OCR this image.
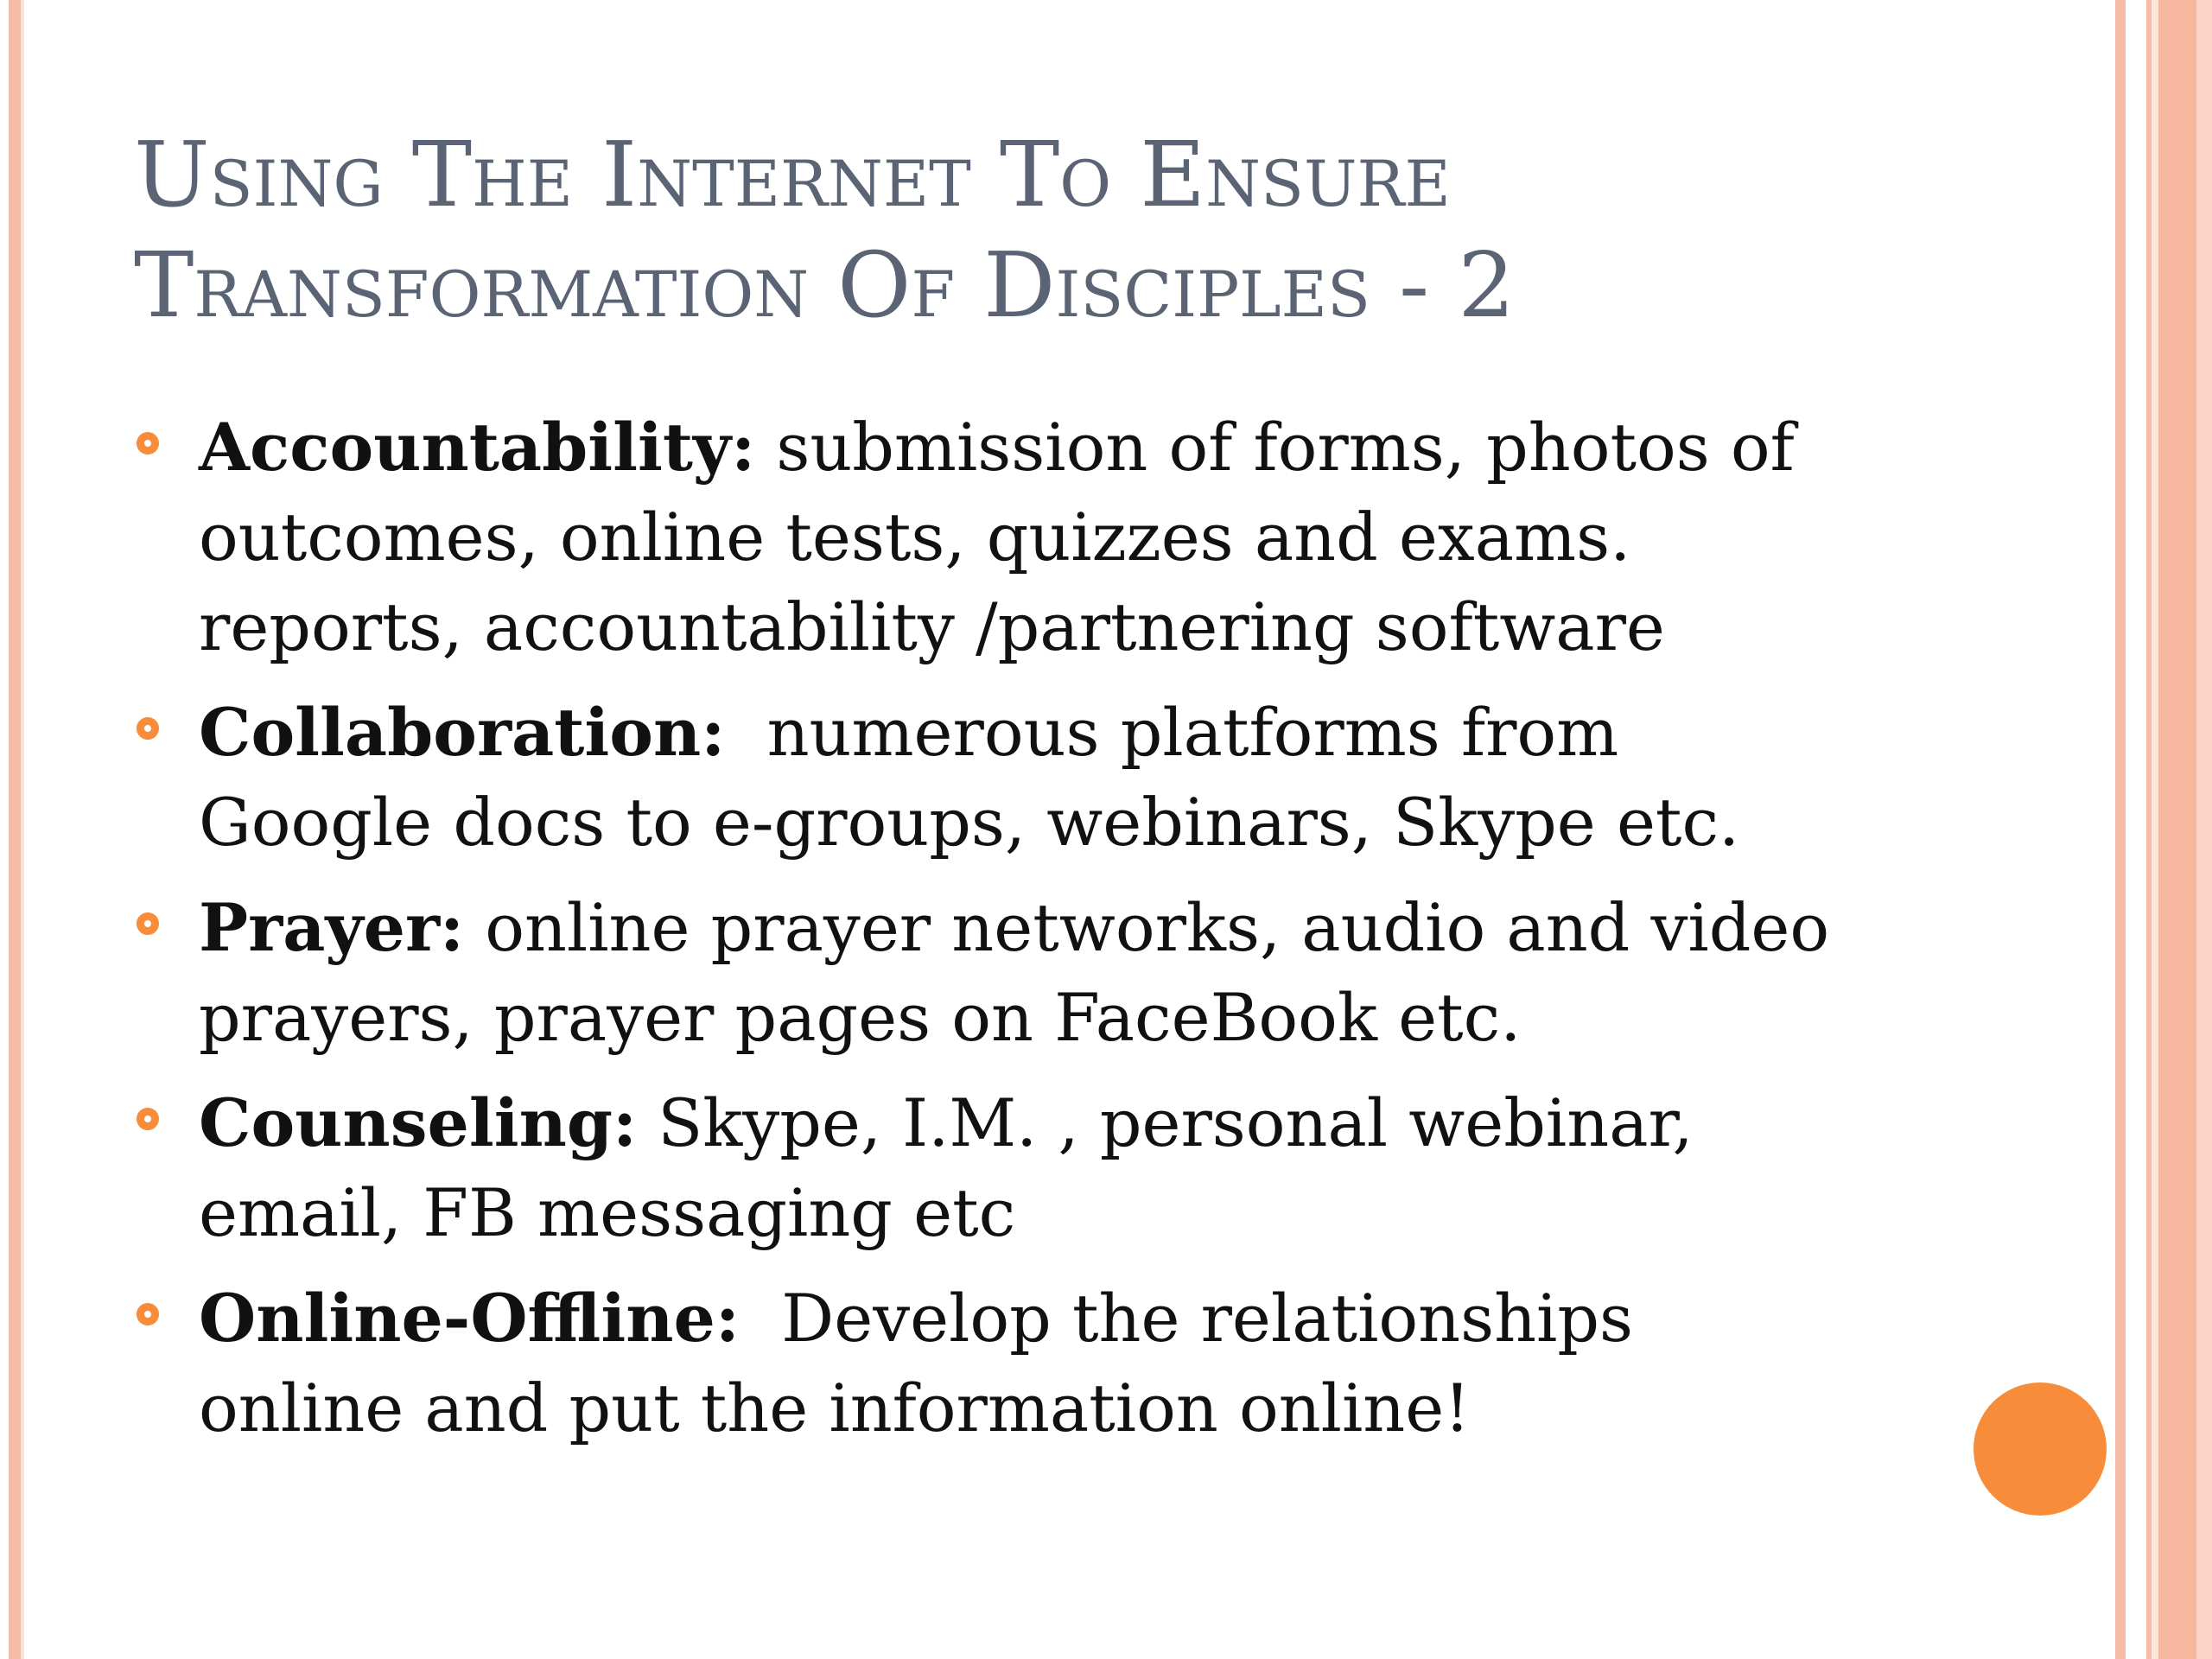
Using The Internet To Ensure
Transformation Of Disciples - 2
Accountability: submission of forms, photos of
outcomes, online tests, quizzes and exams.
reports, accountability /partnering software
Collaboration:  numerous platforms from
Google docs to e-groups, webinars, Skype etc.
Prayer: online prayer networks, audio and video
prayers, prayer pages on FaceBook etc.
Counseling: Skype, I.M. , personal webinar,
email, FB messaging etc
Online-Offline:  Develop the relationships
online and put the information online!
